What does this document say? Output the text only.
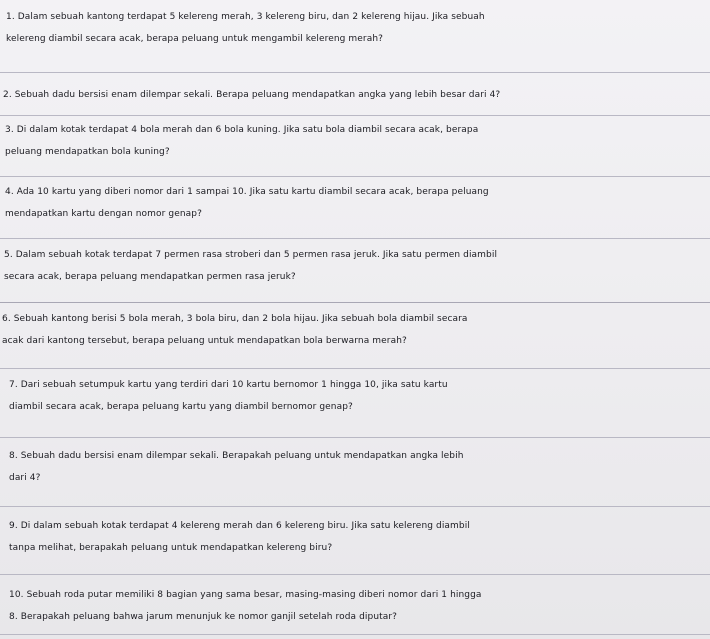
1. Dalam sebuah kantong terdapat 5 kelereng merah, 3 kelereng biru, dan 2 kelereng hijau. Jika sebuah
kelereng diambil secara acak, berapa peluang untuk mengambil kelereng merah?
2. Sebuah dadu bersisi enam dilempar sekali. Berapa peluang mendapatkan angka yang lebih besar dari 4?
3. Di dalam kotak terdapat 4 bola merah dan 6 bola kuning. Jika satu bola diambil secara acak, berapa
peluang mendapatkan bola kuning?
4. Ada 10 kartu yang diberi nomor dari 1 sampai 10. Jika satu kartu diambil secara acak, berapa peluang
mendapatkan kartu dengan nomor genap?
5. Dalam sebuah kotak terdapat 7 permen rasa stroberi dan 5 permen rasa jeruk. Jika satu permen diambil
secara acak, berapa peluang mendapatkan permen rasa jeruk?
6. Sebuah kantong berisi 5 bola merah, 3 bola biru, dan 2 bola hijau. Jika sebuah bola diambil secara
acak dari kantong tersebut, berapa peluang untuk mendapatkan bola berwarna merah?
7. Dari sebuah setumpuk kartu yang terdiri dari 10 kartu bernomor 1 hingga 10, jika satu kartu
diambil secara acak, berapa peluang kartu yang diambil bernomor genap?
8. Sebuah dadu bersisi enam dilempar sekali. Berapakah peluang untuk mendapatkan angka lebih
dari 4?
9. Di dalam sebuah kotak terdapat 4 kelereng merah dan 6 kelereng biru. Jika satu kelereng diambil
tanpa melihat, berapakah peluang untuk mendapatkan kelereng biru?
10. Sebuah roda putar memiliki 8 bagian yang sama besar, masing-masing diberi nomor dari 1 hingga
8. Berapakah peluang bahwa jarum menunjuk ke nomor ganjil setelah roda diputar?
